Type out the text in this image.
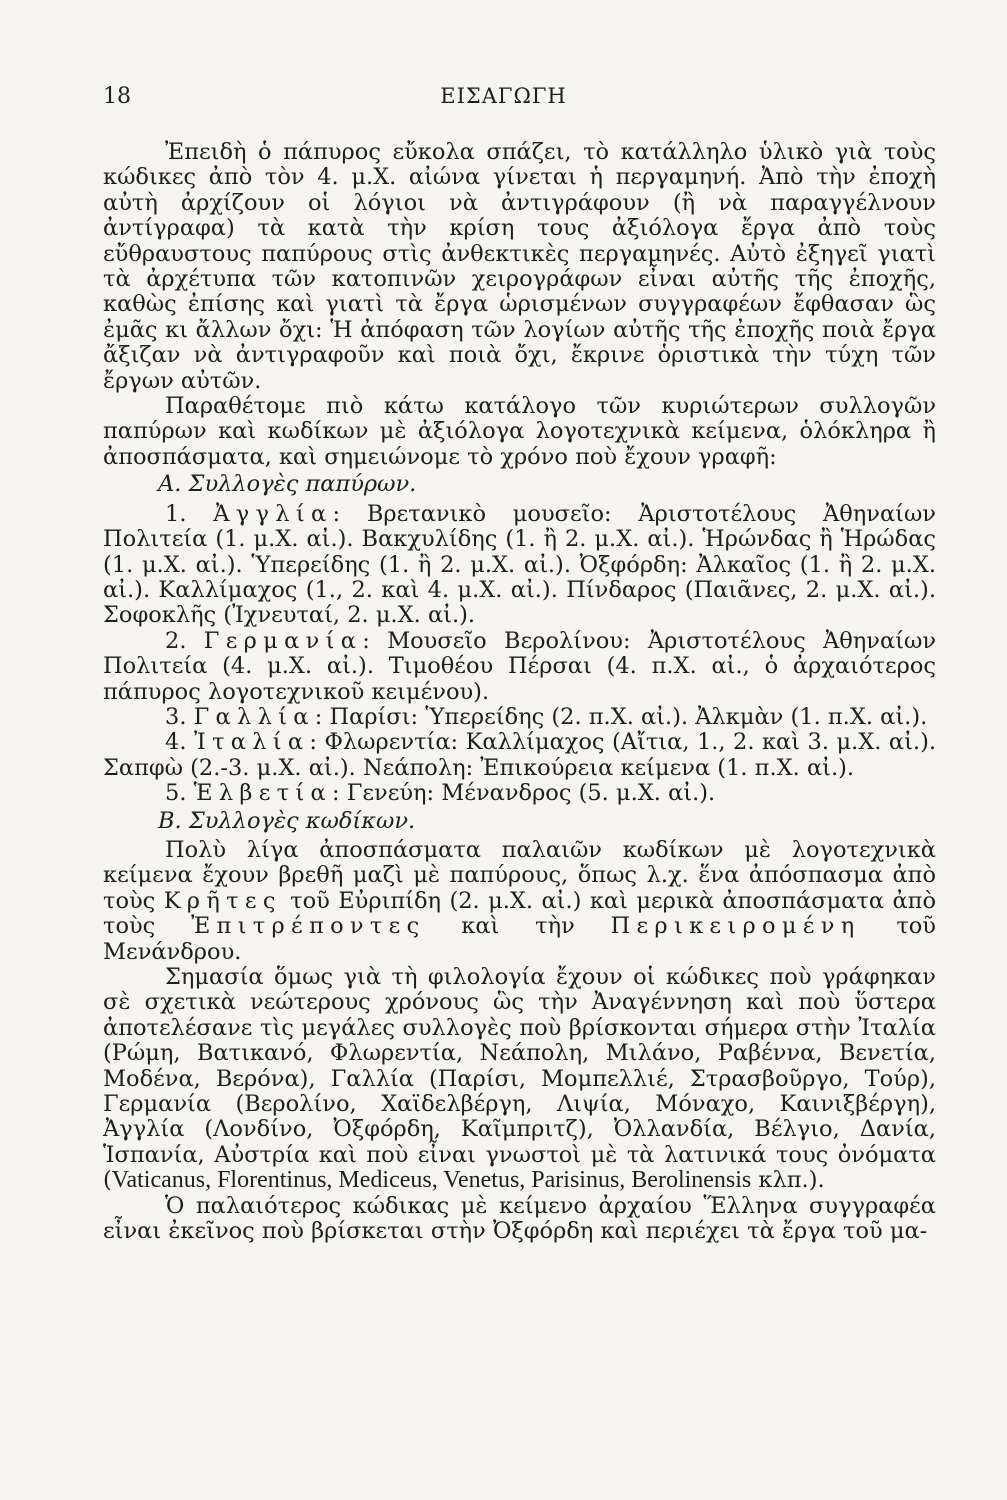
18	ΕΙΣΑΓΩΓΗ

Ἐπειδὴ ὁ πάπυρος εὔκολα σπάζει, τὸ κατάλληλο ὑλικὸ γιὰ τοὺς κώδικες ἀπὸ τὸν 4. μ.Χ. αἰώνα γίνεται ἡ περγαμηνή. Ἀπὸ τὴν ἐποχὴ αὐτὴ ἀρχίζουν οἱ λόγιοι νὰ ἀντιγράφουν (ἢ νὰ παραγγέλνουν ἀντίγραφα) τὰ κατὰ τὴν κρίση τους ἀξιόλογα ἔργα ἀπὸ τοὺς εὔθραυστους παπύρους στὶς ἀνθεκτικὲς περγαμηνές. Αὐτὸ ἐξηγεῖ γιατὶ τὰ ἀρχέτυπα τῶν κατοπινῶν χειρογράφων εἶναι αὐτῆς τῆς ἐποχῆς, καθὼς ἐπίσης καὶ γιατὶ τὰ ἔργα ὡρισμένων συγγραφέων ἔφθασαν ὣς ἐμᾶς κι ἄλλων ὄχι: Ἡ ἀπόφαση τῶν λογίων αὐτῆς τῆς ἐποχῆς ποιὰ ἔργα ἄξιζαν νὰ ἀντιγραφοῦν καὶ ποιὰ ὄχι, ἔκρινε ὁριστικὰ τὴν τύχη τῶν ἔργων αὐτῶν.

Παραθέτομε πιὸ κάτω κατάλογο τῶν κυριώτερων συλλογῶν παπύρων καὶ κωδίκων μὲ ἀξιόλογα λογοτεχνικὰ κείμενα, ὁλόκληρα ἢ ἀποσπάσματα, καὶ σημειώνομε τὸ χρόνο ποὺ ἔχουν γραφῆ:

Α. Συλλογὲς παπύρων.

1. Ἀγγλία: Βρετανικὸ μουσεῖο: Ἀριστοτέλους Ἀθηναίων Πολιτεία (1. μ.Χ. αἰ.). Βακχυλίδης (1. ἢ 2. μ.Χ. αἰ.). Ἡρώνδας ἢ Ἡρώδας (1. μ.Χ. αἰ.). Ὑπερείδης (1. ἢ 2. μ.Χ. αἰ.). Ὀξφόρδη: Ἀλκαῖος (1. ἢ 2. μ.Χ. αἰ.). Καλλίμαχος (1., 2. καὶ 4. μ.Χ. αἰ.). Πίνδαρος (Παιᾶνες, 2. μ.Χ. αἰ.). Σοφοκλῆς (Ἰχνευταί, 2. μ.Χ. αἰ.).

2. Γερμανία: Μουσεῖο Βερολίνου: Ἀριστοτέλους Ἀθηναίων Πολιτεία (4. μ.Χ. αἰ.). Τιμοθέου Πέρσαι (4. π.Χ. αἰ., ὁ ἀρχαιότερος πάπυρος λογοτεχνικοῦ κειμένου).

3. Γαλλία: Παρίσι: Ὑπερείδης (2. π.Χ. αἰ.). Ἀλκμὰν (1. π.Χ. αἰ.).

4. Ἰταλία: Φλωρεντία: Καλλίμαχος (Αἴτια, 1., 2. καὶ 3. μ.Χ. αἰ.). Σαπφὼ (2.-3. μ.Χ. αἰ.). Νεάπολη: Ἐπικούρεια κείμενα (1. π.Χ. αἰ.).

5. Ἑλβετία: Γενεύη: Μένανδρος (5. μ.Χ. αἰ.).

Β. Συλλογὲς κωδίκων.

Πολὺ λίγα ἀποσπάσματα παλαιῶν κωδίκων μὲ λογοτεχνικὰ κείμενα ἔχουν βρεθῆ μαζὶ μὲ παπύρους, ὅπως λ.χ. ἕνα ἀπόσπασμα ἀπὸ τοὺς Κρῆτες τοῦ Εὐριπίδη (2. μ.Χ. αἰ.) καὶ μερικὰ ἀποσπάσματα ἀπὸ τοὺς Ἐπιτρέποντες καὶ τὴν Περικειρομένη τοῦ Μενάνδρου.

Σημασία ὅμως γιὰ τὴ φιλολογία ἔχουν οἱ κώδικες ποὺ γράφηκαν σὲ σχετικὰ νεώτερους χρόνους ὣς τὴν Ἀναγέννηση καὶ ποὺ ὕστερα ἀποτελέσανε τὶς μεγάλες συλλογὲς ποὺ βρίσκονται σήμερα στὴν Ἰταλία (Ρώμη, Βατικανό, Φλωρεντία, Νεάπολη, Μιλάνο, Ραβέννα, Βενετία, Μοδένα, Βερόνα), Γαλλία (Παρίσι, Μομπελλιέ, Στρασβοῦργο, Τούρ), Γερμανία (Βερολίνο, Χαϊδελβέργη, Λιψία, Μόναχο, Καινιξβέργη), Ἀγγλία (Λονδίνο, Ὀξφόρδη, Καῖμπριτζ), Ὀλλανδία, Βέλγιο, Δανία, Ἱσπανία, Αὐστρία καὶ ποὺ εἶναι γνωστοὶ μὲ τὰ λατινικά τους ὀνόματα (Vaticanus, Florentinus, Mediceus, Venetus, Parisinus, Berolinensis κλπ.).

Ὁ παλαιότερος κώδικας μὲ κείμενο ἀρχαίου Ἕλληνα συγγραφέα εἶναι ἐκεῖνος ποὺ βρίσκεται στὴν Ὀξφόρδη καὶ περιέχει τὰ ἔργα τοῦ μα-
